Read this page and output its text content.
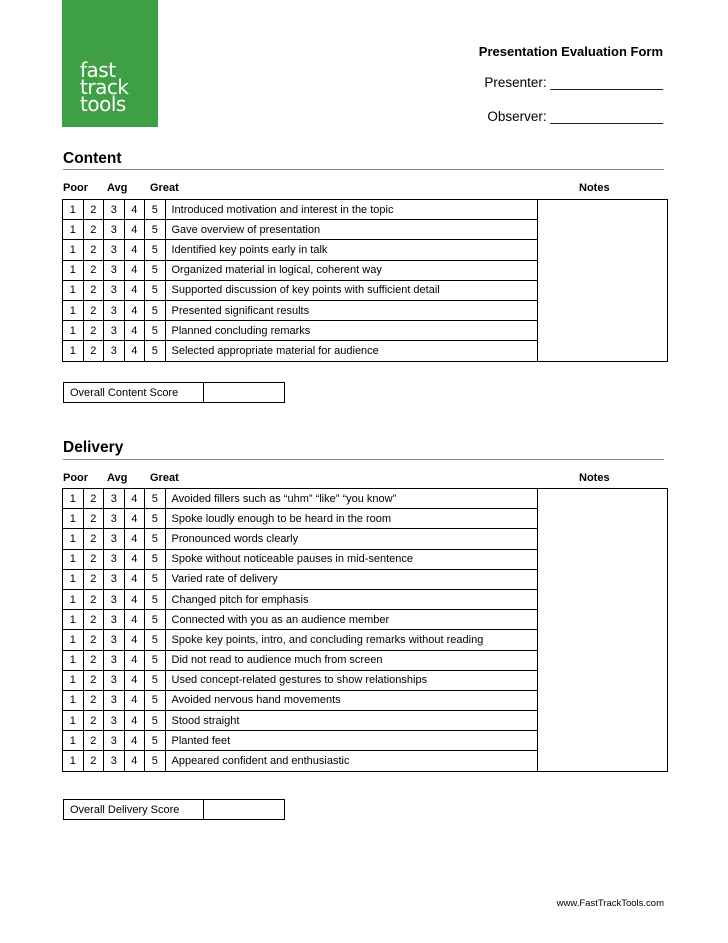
fast
track
tools
Presentation Evaluation Form
Presenter: _______________
Observer: _______________
Content
Poor Avg Great	Notes
1	2	3	4	5	Introduced motivation and interest in the topic	
1	2	3	4	5	Gave overview of presentation	
1	2	3	4	5	Identified key points early in talk	
1	2	3	4	5	Organized material in logical, coherent way	
1	2	3	4	5	Supported discussion of key points with sufficient detail	
1	2	3	4	5	Presented significant results	
1	2	3	4	5	Planned concluding remarks	
1	2	3	4	5	Selected appropriate material for audience	
Overall Content Score
Delivery
Poor Avg Great	Notes
1	2	3	4	5	Avoided fillers such as “uhm” “like” “you know”	
1	2	3	4	5	Spoke loudly enough to be heard in the room	
1	2	3	4	5	Pronounced words clearly	
1	2	3	4	5	Spoke without noticeable pauses in mid-sentence	
1	2	3	4	5	Varied rate of delivery	
1	2	3	4	5	Changed pitch for emphasis	
1	2	3	4	5	Connected with you as an audience member	
1	2	3	4	5	Spoke key points, intro, and concluding remarks without reading	
1	2	3	4	5	Did not read to audience much from screen	
1	2	3	4	5	Used concept-related gestures to show relationships	
1	2	3	4	5	Avoided nervous hand movements	
1	2	3	4	5	Stood straight	
1	2	3	4	5	Planted feet	
1	2	3	4	5	Appeared confident and enthusiastic	
Overall Delivery Score
www.FastTrackTools.com
